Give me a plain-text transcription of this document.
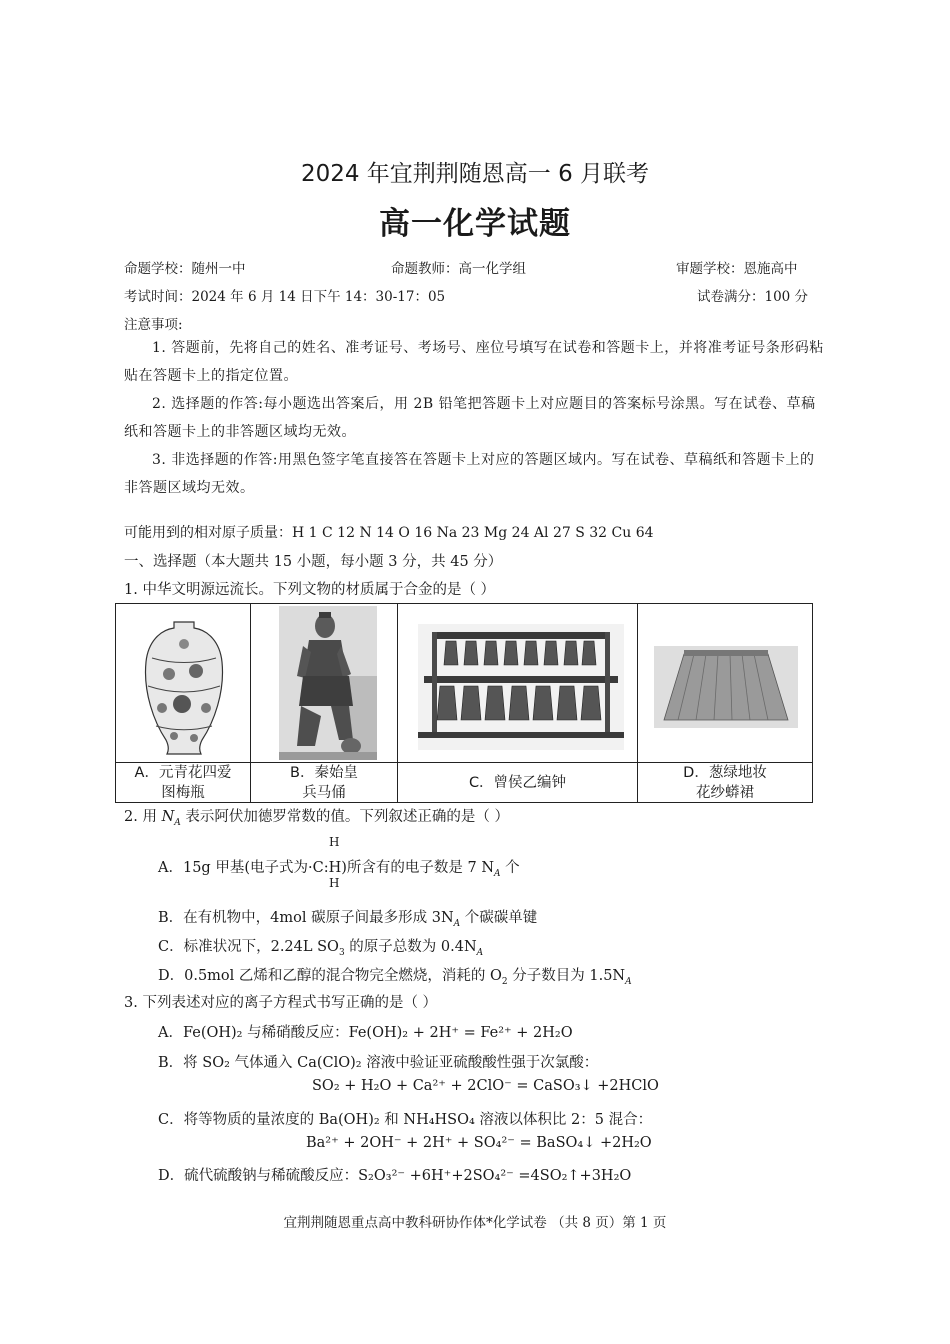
2024 年宜荆荆随恩高一 6 月联考
高一化学试题
命题学校：随州一中	命题教师：高一化学组	审题学校：恩施高中
考试时间：2024 年 6 月 14 日下午 14：30-17：05	试卷满分：100 分
注意事项:
1. 答题前，先将自己的姓名、准考证号、考场号、座位号填写在试卷和答题卡上，并将准考证号条形码粘贴在答题卡上的指定位置。
2. 选择题的作答:每小题选出答案后，用 2B 铅笔把答题卡上对应题目的答案标号涂黑。写在试卷、草稿纸和答题卡上的非答题区域均无效。
3. 非选择题的作答:用黑色签字笔直接答在答题卡上对应的答题区域内。写在试卷、草稿纸和答题卡上的非答题区域均无效。
可能用到的相对原子质量：H 1 C 12 N 14 O 16 Na 23 Mg 24 Al 27 S 32 Cu 64
一、选择题（本大题共 15 小题，每小题 3 分，共 45 分）
1. 中华文明源远流长。下列文物的材质属于合金的是（ ）
A．元青花四爱
图梅瓶
B．秦始皇
兵马俑
C．曾侯乙编钟
D．葱绿地妆
花纱蟒裙
2. 用 $N_A$ 表示阿伏加德罗常数的值。下列叙述正确的是（ ）
H
H
A．15g 甲基(电子式为·C:H)所含有的电子数是 7 $N_A$ 个
B．在有机物中，4mol 碳原子间最多形成 $3N_A$ 个碳碳单键
C．标准状况下，2.24L $SO_3$ 的原子总数为 $0.4N_A$
D．0.5mol 乙烯和乙醇的混合物完全燃烧，消耗的 $O_2$ 分子数目为 $1.5N_A$
3. 下列表述对应的离子方程式书写正确的是（ ）
A．Fe(OH)₂ 与稀硝酸反应：Fe(OH)₂ + 2H⁺ = Fe²⁺ + 2H₂O
B．将 SO₂ 气体通入 Ca(ClO)₂ 溶液中验证亚硫酸酸性强于次氯酸：
SO₂ + H₂O + Ca²⁺ + 2ClO⁻ = CaSO₃↓ +2HClO
C．将等物质的量浓度的 Ba(OH)₂ 和 NH₄HSO₄ 溶液以体积比 2：5 混合：
Ba²⁺ + 2OH⁻ + 2H⁺ + SO₄²⁻ = BaSO₄↓ +2H₂O
D．硫代硫酸钠与稀硫酸反应：S₂O₃²⁻ +6H⁺+2SO₄²⁻ =4SO₂↑+3H₂O
宜荆荆随恩重点高中教科研协作体*化学试卷 （共 8 页）第 1 页
